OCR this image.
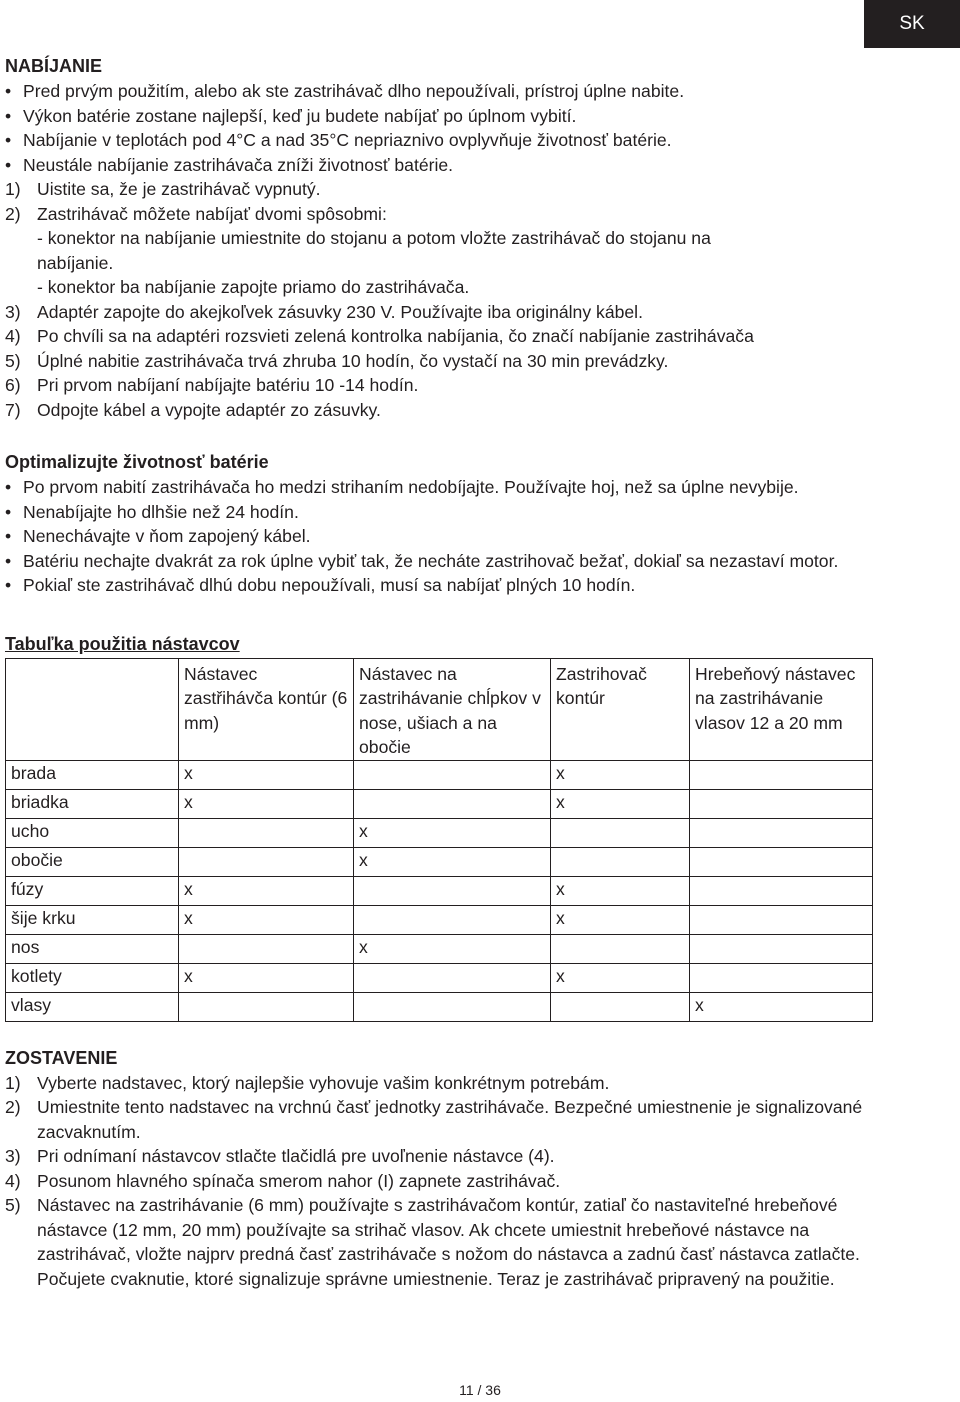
SK
NABÍJANIE
• Pred prvým použitím, alebo ak ste zastrihávač dlho nepoužívali, prístroj úplne nabite.
• Výkon batérie zostane najlepší, keď ju budete nabíjať po úplnom vybití.
• Nabíjanie v teplotách pod 4°C a nad 35°C nepriaznivo ovplyvňuje životnosť batérie.
• Neustále nabíjanie zastrihávača zníži životnosť batérie.
1) Uistite sa, že je zastrihávač vypnutý.
2) Zastrihávač môžete nabíjať dvomi spôsobmi:
- konektor na nabíjanie umiestnite do stojanu a potom vložte zastrihávač do stojanu na
nabíjanie.
- konektor ba nabíjanie zapojte priamo do zastrihávača.
3) Adaptér zapojte do akejkoľvek zásuvky 230 V. Používajte iba originálny kábel.
4) Po chvíli sa na adaptéri rozsvieti zelená kontrolka nabíjania, čo značí nabíjanie zastrihávača
5) Úplné nabitie zastrihávača trvá zhruba 10 hodín, čo vystačí na 30 min prevádzky.
6) Pri prvom nabíjaní nabíjajte batériu 10 -14 hodín.
7) Odpojte kábel a vypojte adaptér zo zásuvky.
Optimalizujte životnosť batérie
• Po prvom nabití zastrihávača ho medzi strihaním nedobíjajte. Používajte hoj, než sa úplne nevybije.
• Nenabíjajte ho dlhšie než 24 hodín.
• Nenechávajte v ňom zapojený kábel.
• Batériu nechajte dvakrát za rok úplne vybiť tak, že necháte zastrihovač bežať, dokiaľ sa nezastaví motor.
• Pokiaľ ste zastrihávač dlhú dobu nepoužívali, musí sa nabíjať plných 10 hodín.
Tabuľka použitia nástavcov
	Nástavec zastřihávča kontúr (6 mm)	Nástavec na zastrihávanie chĺpkov v nose, ušiach a na obočie	Zastrihovač kontúr	Hrebeňový nástavec na zastrihávanie vlasov 12 a 20 mm
brada	x		x	
briadka	x		x	
ucho		x		
obočie		x		
fúzy	x		x	
šije krku	x		x	
nos		x		
kotlety	x		x	
vlasy				x
ZOSTAVENIE
1) Vyberte nadstavec, ktorý najlepšie vyhovuje vašim konkrétnym potrebám.
2) Umiestnite tento nadstavec na vrchnú časť jednotky zastrihávače. Bezpečné umiestnenie je signalizované zacvaknutím.
3) Pri odnímaní nástavcov stlačte tlačidlá pre uvoľnenie nástavce (4).
4) Posunom hlavného spínača smerom nahor (I) zapnete zastrihávač.
5) Nástavec na zastrihávanie (6 mm) používajte s zastrihávačom kontúr, zatiaľ čo nastaviteľné hrebeňové nástavce (12 mm, 20 mm) používajte sa strihač vlasov. Ak chcete umiestnit hrebeňové nástavce na zastrihávač, vložte najprv predná časť zastrihávače s nožom do nástavca a zadnú časť nástavca zatlačte. Počujete cvaknutie, ktoré signalizuje správne umiestnenie. Teraz je zastrihávač pripravený na použitie.
11 / 36
